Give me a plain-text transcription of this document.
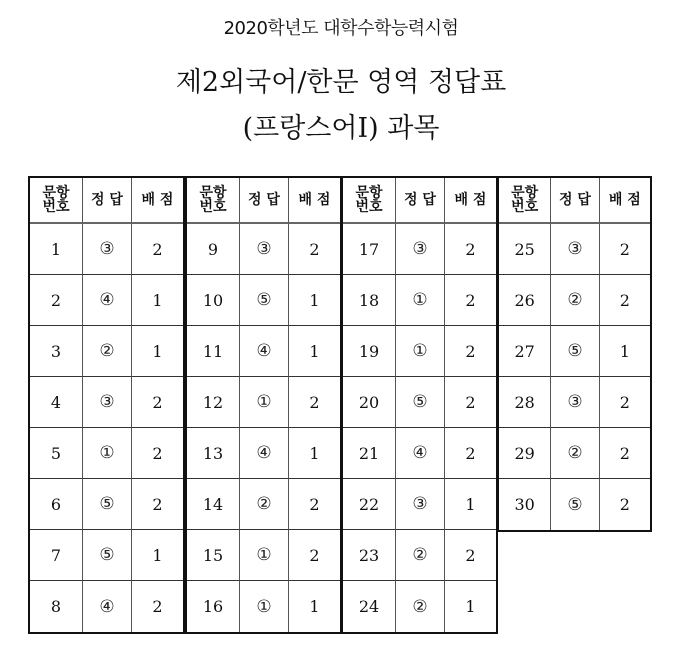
2020학년도 대학수학능력시험
제2외국어/한문 영역 정답표
(프랑스어Ⅰ) 과목
문항
번호	정 답	배 점
1	③	2
2	④	1
3	②	1
4	③	2
5	①	2
6	⑤	2
7	⑤	1
8	④	2
문항
번호	정 답	배 점
9	③	2
10	⑤	1
11	④	1
12	①	2
13	④	1
14	②	2
15	①	2
16	①	1
문항
번호	정 답	배 점
17	③	2
18	①	2
19	①	2
20	⑤	2
21	④	2
22	③	1
23	②	2
24	②	1
문항
번호	정 답	배 점
25	③	2
26	②	2
27	⑤	1
28	③	2
29	②	2
30	⑤	2
